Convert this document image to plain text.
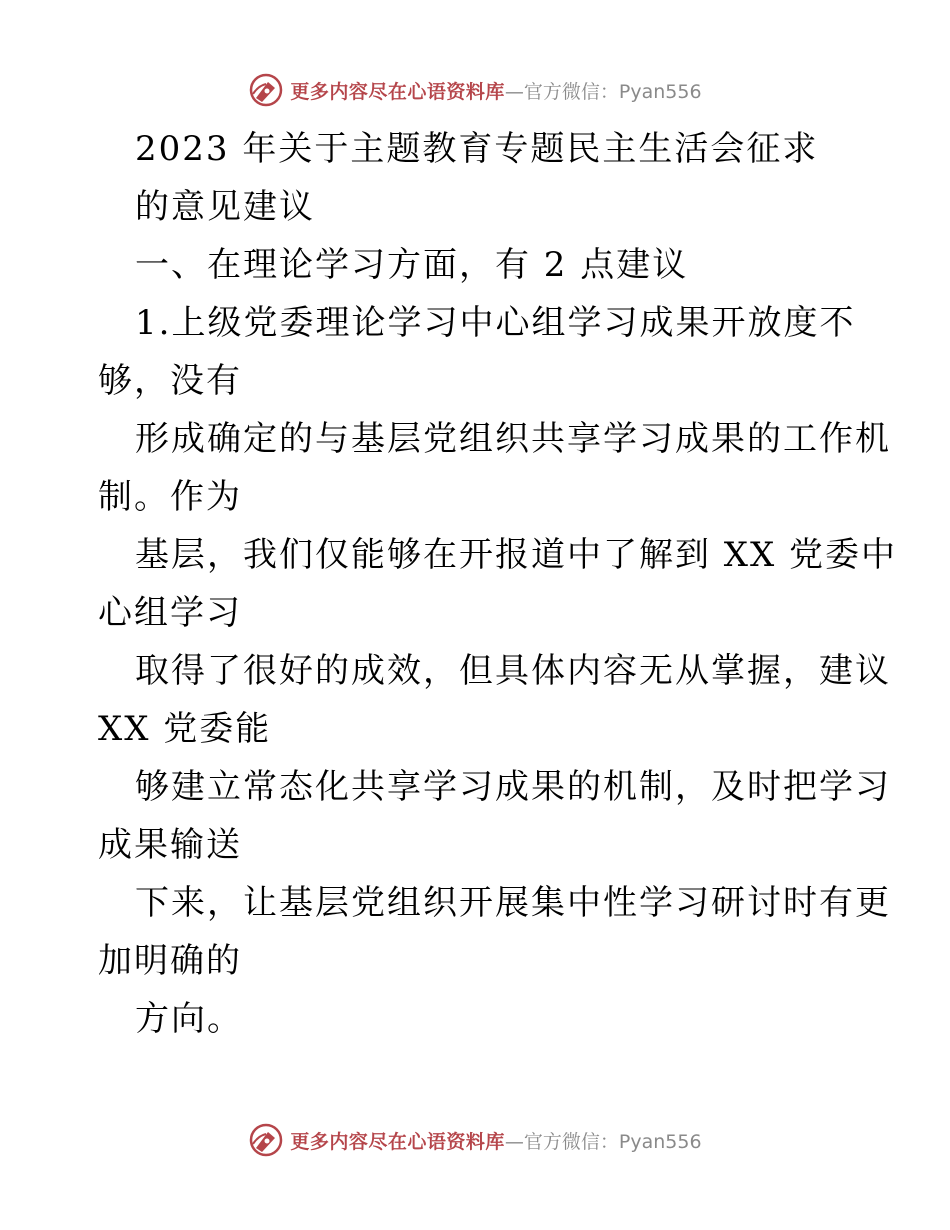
更多内容尽在心语资料库 —官方微信：Pyan556
2023 年关于主题教育专题民主生活会征求
的意见建议
一、在理论学习方面，有 2 点建议
1.上级党委理论学习中心组学习成果开放度不
够，没有
形成确定的与基层党组织共享学习成果的工作机
制。作为
基层，我们仅能够在开报道中了解到 XX 党委中
心组学习
取得了很好的成效，但具体内容无从掌握，建议
XX 党委能
够建立常态化共享学习成果的机制，及时把学习
成果输送
下来，让基层党组织开展集中性学习研讨时有更
加明确的
方向。
更多内容尽在心语资料库 —官方微信：Pyan556
